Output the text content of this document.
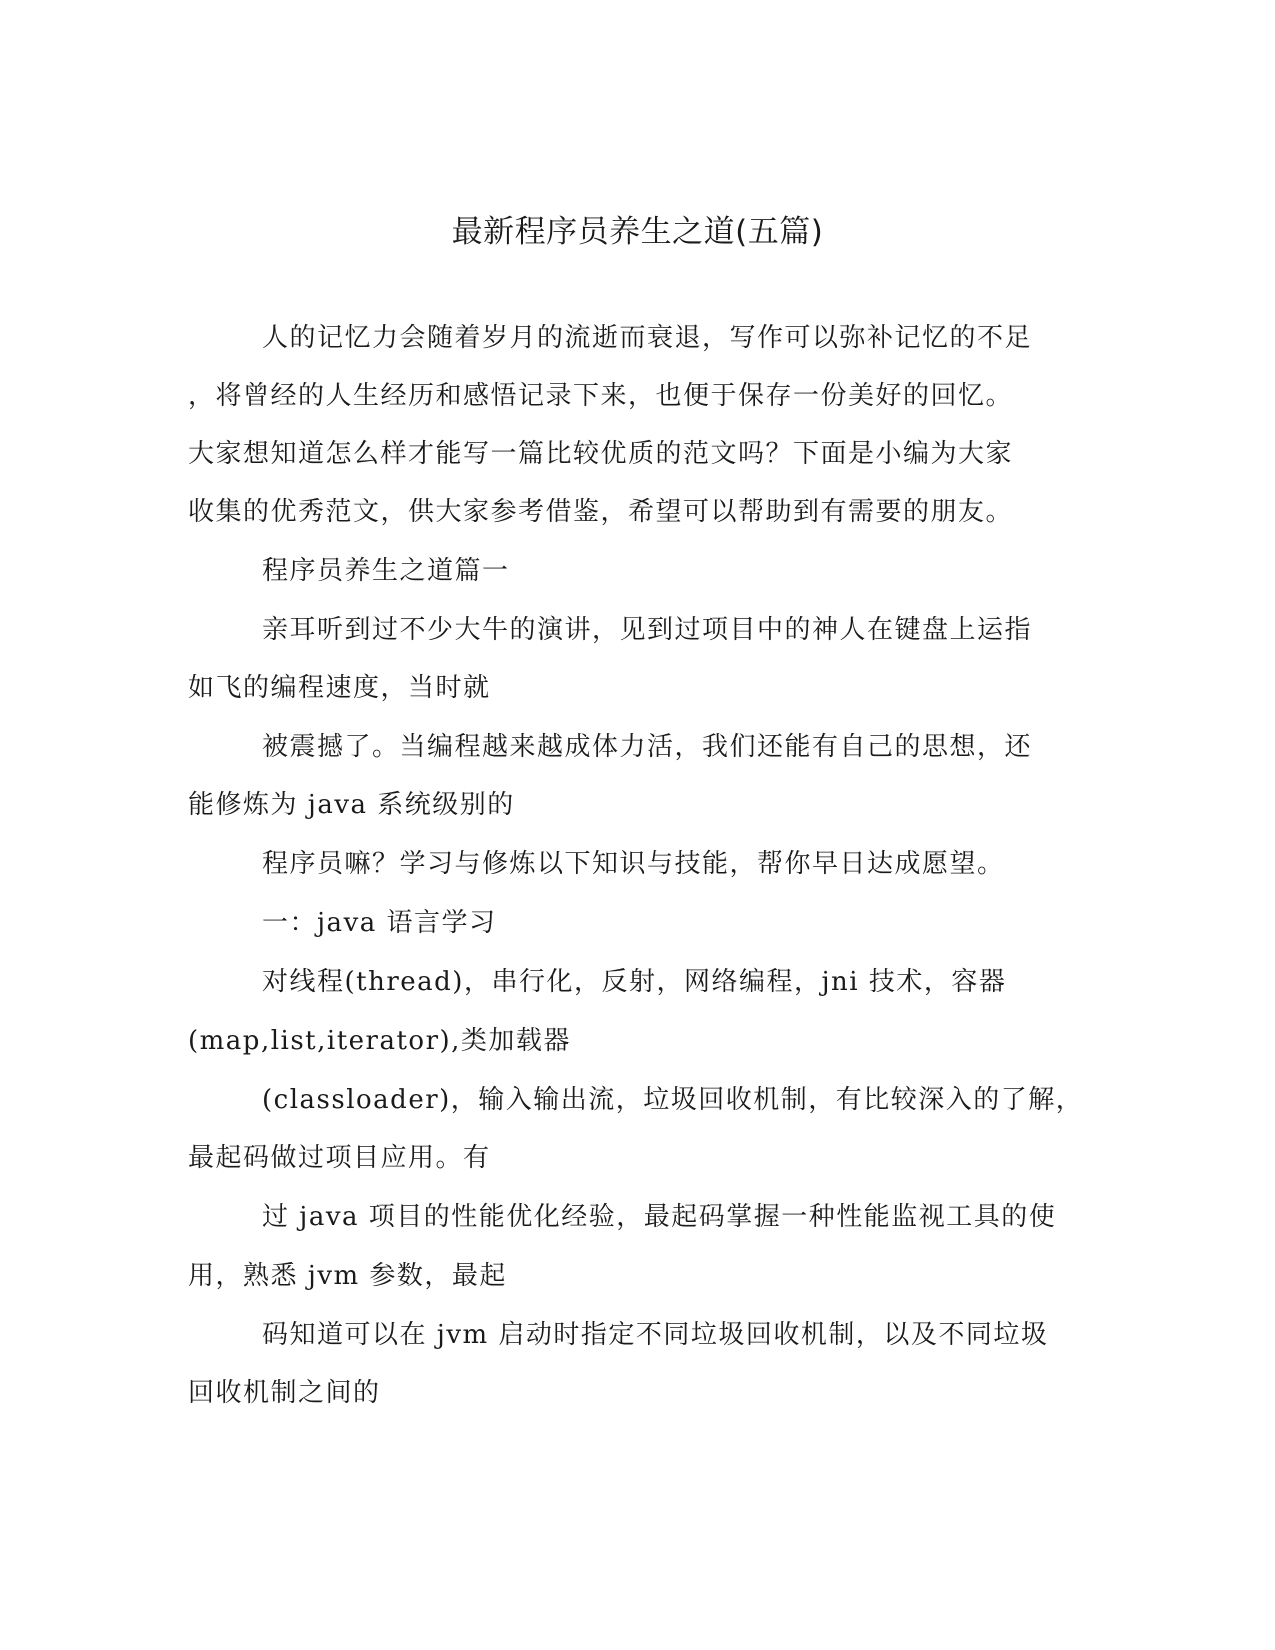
最新程序员养生之道(五篇)

人的记忆力会随着岁月的流逝而衰退，写作可以弥补记忆的不足

，将曾经的人生经历和感悟记录下来，也便于保存一份美好的回忆。

大家想知道怎么样才能写一篇比较优质的范文吗？下面是小编为大家

收集的优秀范文，供大家参考借鉴，希望可以帮助到有需要的朋友。

程序员养生之道篇一

亲耳听到过不少大牛的演讲，见到过项目中的神人在键盘上运指

如飞的编程速度，当时就

被震撼了。当编程越来越成体力活，我们还能有自己的思想，还

能修炼为 java 系统级别的

程序员嘛？学习与修炼以下知识与技能，帮你早日达成愿望。

一：java 语言学习

对线程(thread)，串行化，反射，网络编程，jni 技术，容器

(map,list,iterator),类加载器

(classloader)，输入输出流，垃圾回收机制，有比较深入的了解，

最起码做过项目应用。有

过 java 项目的性能优化经验，最起码掌握一种性能监视工具的使

用，熟悉 jvm 参数，最起

码知道可以在 jvm 启动时指定不同垃圾回收机制，以及不同垃圾

回收机制之间的
